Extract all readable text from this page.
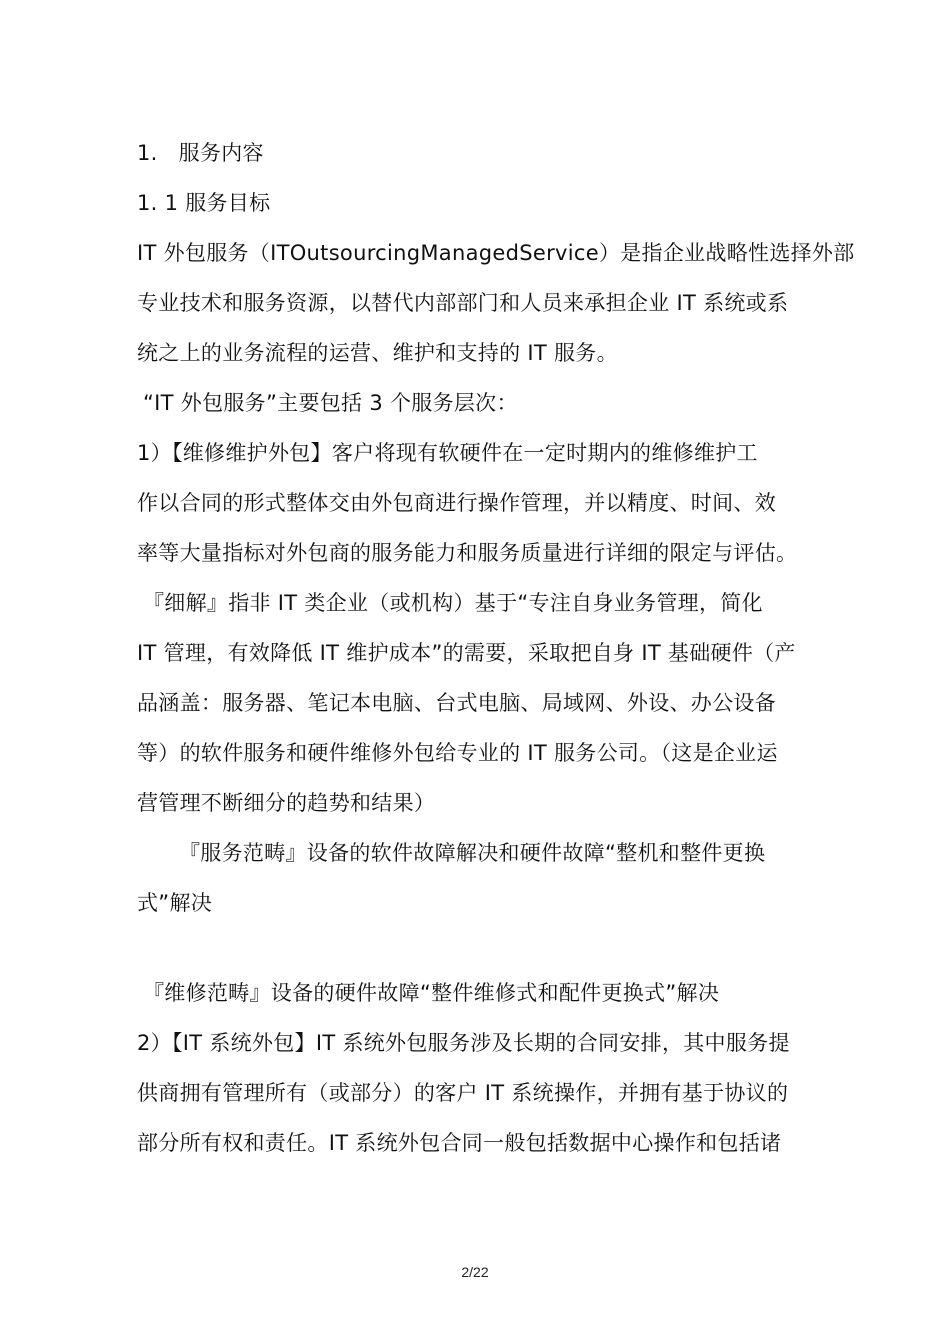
1. 服务内容
1. 1 服务目标
IT 外包服务（ITOutsourcingManagedService）是指企业战略性选择外部
专业技术和服务资源，以替代内部部门和人员来承担企业 IT 系统或系
统之上的业务流程的运营、维护和支持的 IT 服务。
“IT 外包服务”主要包括 3 个服务层次：
1）【维修维护外包】客户将现有软硬件在一定时期内的维修维护工
作以合同的形式整体交由外包商进行操作管理，并以精度、时间、效
率等大量指标对外包商的服务能力和服务质量进行详细的限定与评估。
『细解』指非 IT 类企业（或机构）基于“专注自身业务管理，简化
IT 管理，有效降低 IT 维护成本”的需要，采取把自身 IT 基础硬件（产
品涵盖：服务器、笔记本电脑、台式电脑、局域网、外设、办公设备
等）的软件服务和硬件维修外包给专业的 IT 服务公司。（这是企业运
营管理不断细分的趋势和结果）
『服务范畴』设备的软件故障解决和硬件故障“整机和整件更换
式”解决
『维修范畴』设备的硬件故障“整件维修式和配件更换式”解决
2）【IT 系统外包】IT 系统外包服务涉及长期的合同安排，其中服务提
供商拥有管理所有（或部分）的客户 IT 系统操作，并拥有基于协议的
部分所有权和责任。IT 系统外包合同一般包括数据中心操作和包括诸
2/22
